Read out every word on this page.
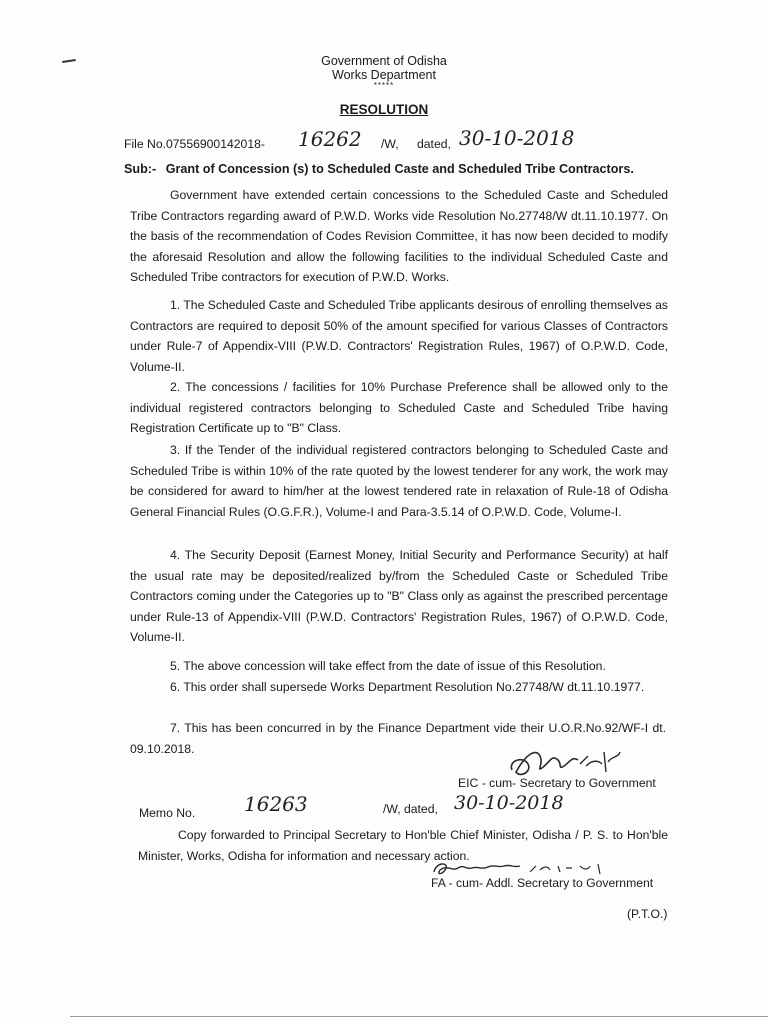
Government of Odisha
Works Department
*****
RESOLUTION
File No.07556900142018- 16262 /W, dated, 30-10-2018
Sub:- Grant of Concession (s) to Scheduled Caste and Scheduled Tribe Contractors.
Government have extended certain concessions to the Scheduled Caste and Scheduled Tribe Contractors regarding award of P.W.D. Works vide Resolution No.27748/W dt.11.10.1977. On the basis of the recommendation of Codes Revision Committee, it has now been decided to modify the aforesaid Resolution and allow the following facilities to the individual Scheduled Caste and Scheduled Tribe contractors for execution of P.W.D. Works.
1. The Scheduled Caste and Scheduled Tribe applicants desirous of enrolling themselves as Contractors are required to deposit 50% of the amount specified for various Classes of Contractors under Rule-7 of Appendix-VIII (P.W.D. Contractors' Registration Rules, 1967) of O.P.W.D. Code, Volume-II.
2. The concessions / facilities for 10% Purchase Preference shall be allowed only to the individual registered contractors belonging to Scheduled Caste and Scheduled Tribe having Registration Certificate up to "B" Class.
3. If the Tender of the individual registered contractors belonging to Scheduled Caste and Scheduled Tribe is within 10% of the rate quoted by the lowest tenderer for any work, the work may be considered for award to him/her at the lowest tendered rate in relaxation of Rule-18 of Odisha General Financial Rules (O.G.F.R.), Volume-I and Para-3.5.14 of O.P.W.D. Code, Volume-I.
4. The Security Deposit (Earnest Money, Initial Security and Performance Security) at half the usual rate may be deposited/realized by/from the Scheduled Caste or Scheduled Tribe Contractors coming under the Categories up to "B" Class only as against the prescribed percentage under Rule-13 of Appendix-VIII (P.W.D. Contractors' Registration Rules, 1967) of O.P.W.D. Code, Volume-II.
5. The above concession will take effect from the date of issue of this Resolution.
6. This order shall supersede Works Department Resolution No.27748/W dt.11.10.1977.
7. This has been concurred in by the Finance Department vide their U.O.R.No.92/WF-I dt. 09.10.2018.
EIC - cum- Secretary to Government
Memo No. 16263	/W, dated, 30-10-2018
Copy forwarded to Principal Secretary to Hon'ble Chief Minister, Odisha / P. S. to Hon'ble Minister, Works, Odisha for information and necessary action.
FA - cum- Addl. Secretary to Government
(P.T.O.)
